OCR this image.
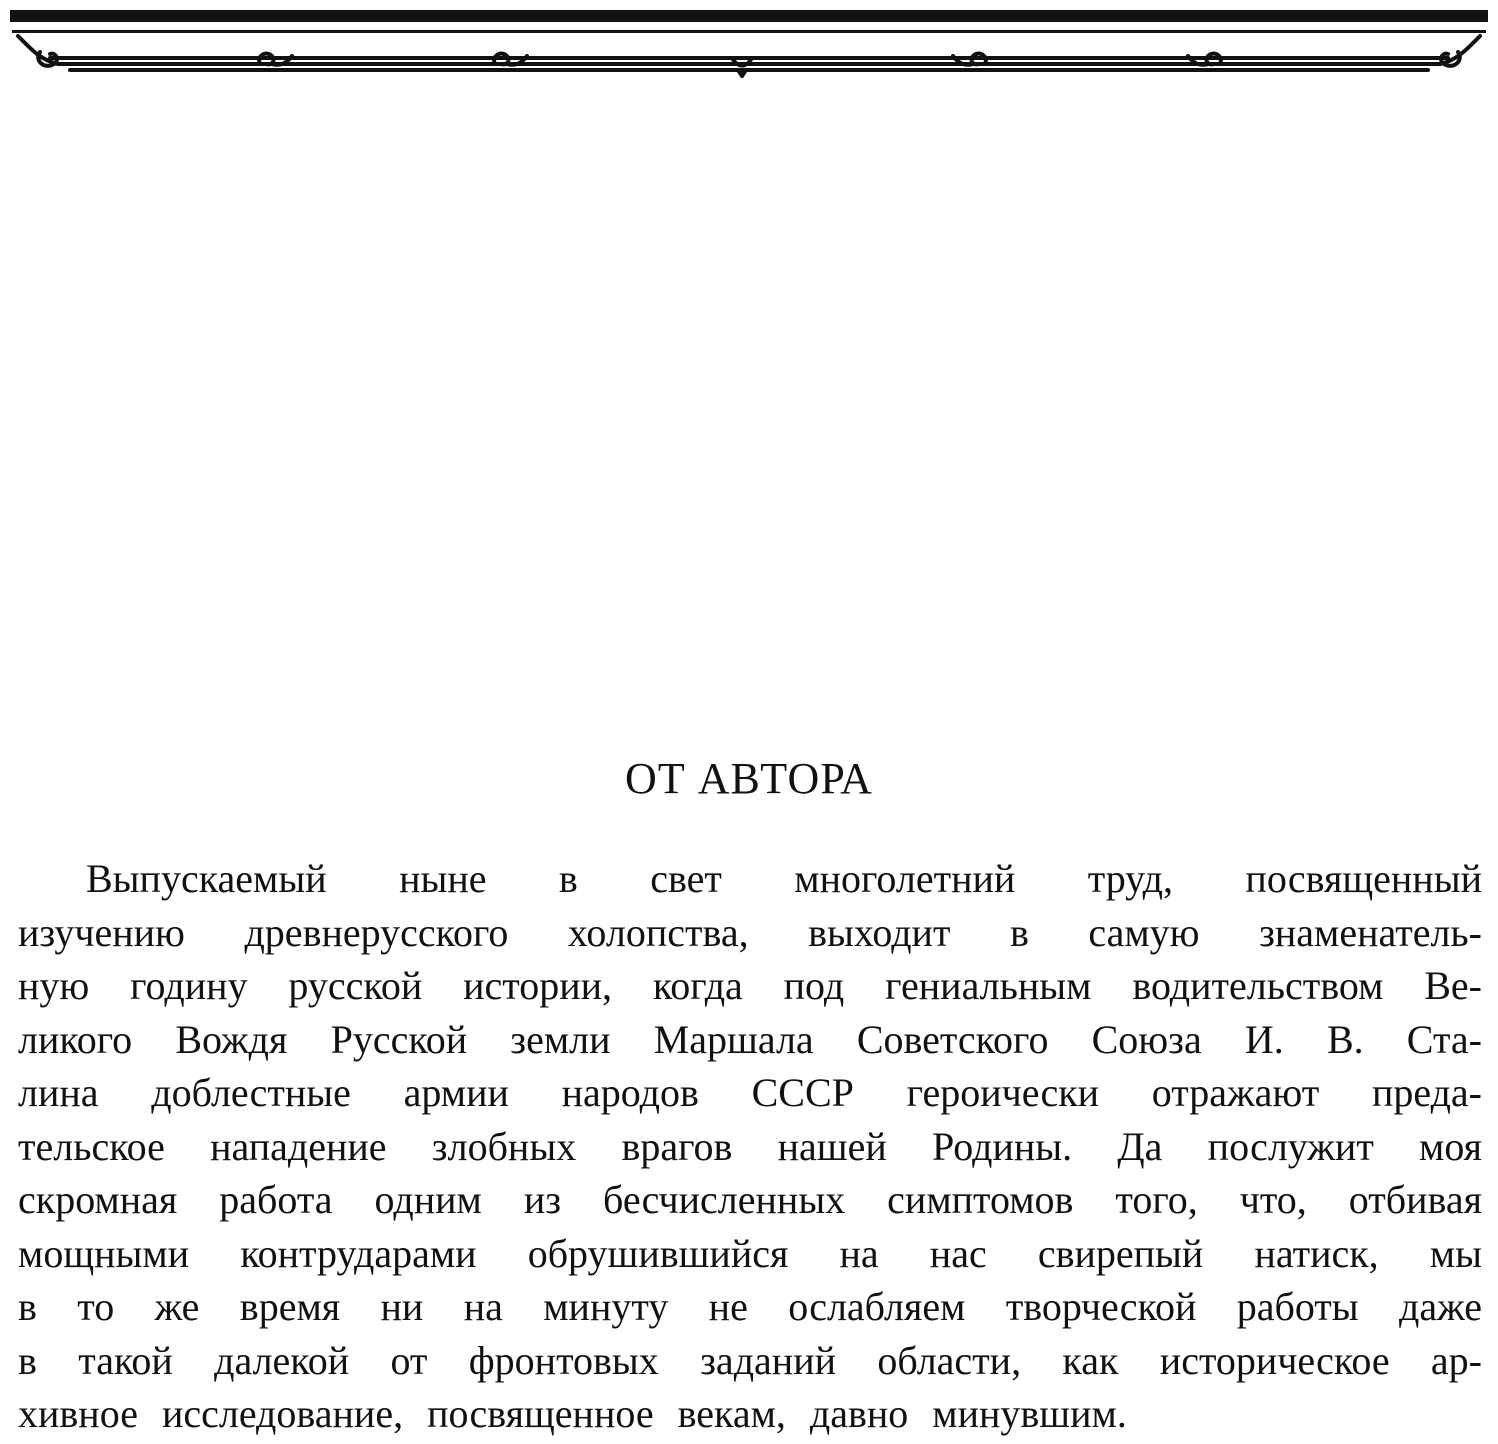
ОТ АВТОРА
Выпускаемый ныне в свет многолетний труд, посвященный
изучению древнерусского холопства, выходит в самую знаменатель-
ную годину русской истории, когда под гениальным водительством Ве-
ликого Вождя Русской земли Маршала Советского Союза И. В. Ста-
лина доблестные армии народов СССР героически отражают преда-
тельское нападение злобных врагов нашей Родины. Да послужит моя
скромная работа одним из бесчисленных симптомов того, что, отбивая
мощными контрударами обрушившийся на нас свирепый натиск, мы
в то же время ни на минуту не ослабляем творческой работы даже
в такой далекой от фронтовых заданий области, как историческое ар-
хивное исследование, посвященное векам, давно минувшим.
